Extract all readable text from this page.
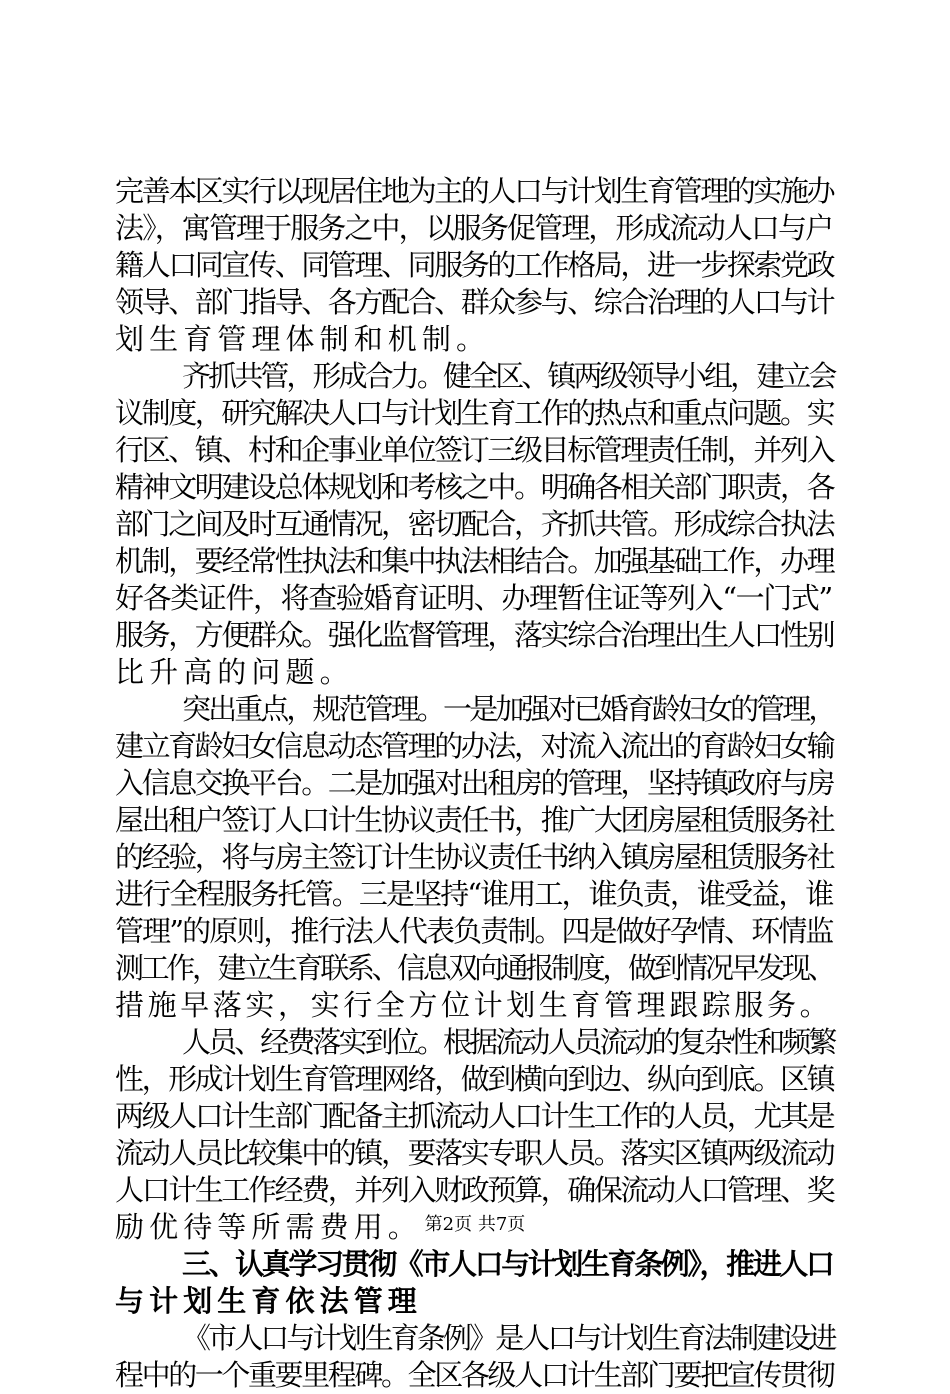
完善本区实行以现居住地为主的人口与计划生育管理的实施办
法》，寓管理于服务之中，以服务促管理，形成流动人口与户
籍人口同宣传、同管理、同服务的工作格局，进一步探索党政
领导、部门指导、各方配合、群众参与、综合治理的人口与计
划生育管理体制和机制。
齐抓共管，形成合力。健全区、镇两级领导小组，建立会
议制度，研究解决人口与计划生育工作的热点和重点问题。实
行区、镇、村和企事业单位签订三级目标管理责任制，并列入
精神文明建设总体规划和考核之中。明确各相关部门职责，各
部门之间及时互通情况，密切配合，齐抓共管。形成综合执法
机制，要经常性执法和集中执法相结合。加强基础工作，办理
好各类证件，将查验婚育证明、办理暂住证等列入“一门式”
服务，方便群众。强化监督管理，落实综合治理出生人口性别
比升高的问题。
突出重点，规范管理。一是加强对已婚育龄妇女的管理，
建立育龄妇女信息动态管理的办法，对流入流出的育龄妇女输
入信息交换平台。二是加强对出租房的管理，坚持镇政府与房
屋出租户签订人口计生协议责任书，推广大团房屋租赁服务社
的经验，将与房主签订计生协议责任书纳入镇房屋租赁服务社
进行全程服务托管。三是坚持“谁用工，谁负责，谁受益，谁
管理”的原则，推行法人代表负责制。四是做好孕情、环情监
测工作，建立生育联系、信息双向通报制度，做到情况早发现、
措施早落实，实行全方位计划生育管理跟踪服务。
人员、经费落实到位。根据流动人员流动的复杂性和频繁
性，形成计划生育管理网络，做到横向到边、纵向到底。区镇
两级人口计生部门配备主抓流动人口计生工作的人员，尤其是
流动人员比较集中的镇，要落实专职人员。落实区镇两级流动
人口计生工作经费，并列入财政预算，确保流动人口管理、奖
励优待等所需费用。
三、认真学习贯彻《市人口与计划生育条例》，推进人口
与计划生育依法管理
《市人口与计划生育条例》是人口与计划生育法制建设进
程中的一个重要里程碑。全区各级人口计生部门要把宣传贯彻
第2页 共7页
